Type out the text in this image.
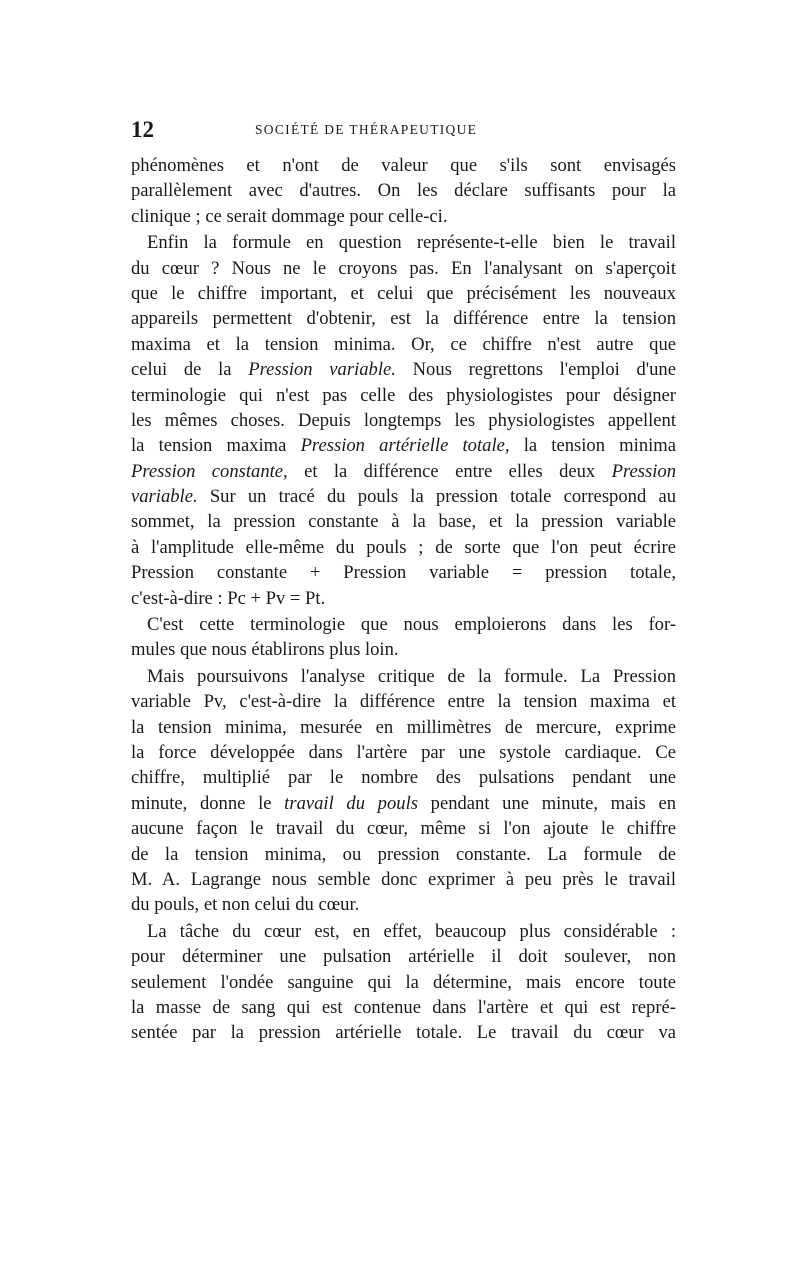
12	SOCIÉTÉ DE THÉRAPEUTIQUE
phénomènes et n'ont de valeur que s'ils sont envisagés
parallèlement avec d'autres. On les déclare suffisants pour la
clinique ; ce serait dommage pour celle-ci.
Enfin la formule en question représente-t-elle bien le travail
du cœur ? Nous ne le croyons pas. En l'analysant on s'aperçoit
que le chiffre important, et celui que précisément les nouveaux
appareils permettent d'obtenir, est la différence entre la tension
maxima et la tension minima. Or, ce chiffre n'est autre que
celui de la Pression variable. Nous regrettons l'emploi d'une
terminologie qui n'est pas celle des physiologistes pour désigner
les mêmes choses. Depuis longtemps les physiologistes appellent
la tension maxima Pression artérielle totale, la tension minima
Pression constante, et la différence entre elles deux Pression
variable. Sur un tracé du pouls la pression totale correspond au
sommet, la pression constante à la base, et la pression variable
à l'amplitude elle-même du pouls ; de sorte que l'on peut écrire
Pression constante + Pression variable = pression totale,
c'est-à-dire : Pc + Pv = Pt.
C'est cette terminologie que nous emploierons dans les for-
mules que nous établirons plus loin.
Mais poursuivons l'analyse critique de la formule. La Pression
variable Pv, c'est-à-dire la différence entre la tension maxima et
la tension minima, mesurée en millimètres de mercure, exprime
la force développée dans l'artère par une systole cardiaque. Ce
chiffre, multiplié par le nombre des pulsations pendant une
minute, donne le travail du pouls pendant une minute, mais en
aucune façon le travail du cœur, même si l'on ajoute le chiffre
de la tension minima, ou pression constante. La formule de
M. A. Lagrange nous semble donc exprimer à peu près le travail
du pouls, et non celui du cœur.
La tâche du cœur est, en effet, beaucoup plus considérable :
pour déterminer une pulsation artérielle il doit soulever, non
seulement l'ondée sanguine qui la détermine, mais encore toute
la masse de sang qui est contenue dans l'artère et qui est repré-
sentée par la pression artérielle totale. Le travail du cœur va
